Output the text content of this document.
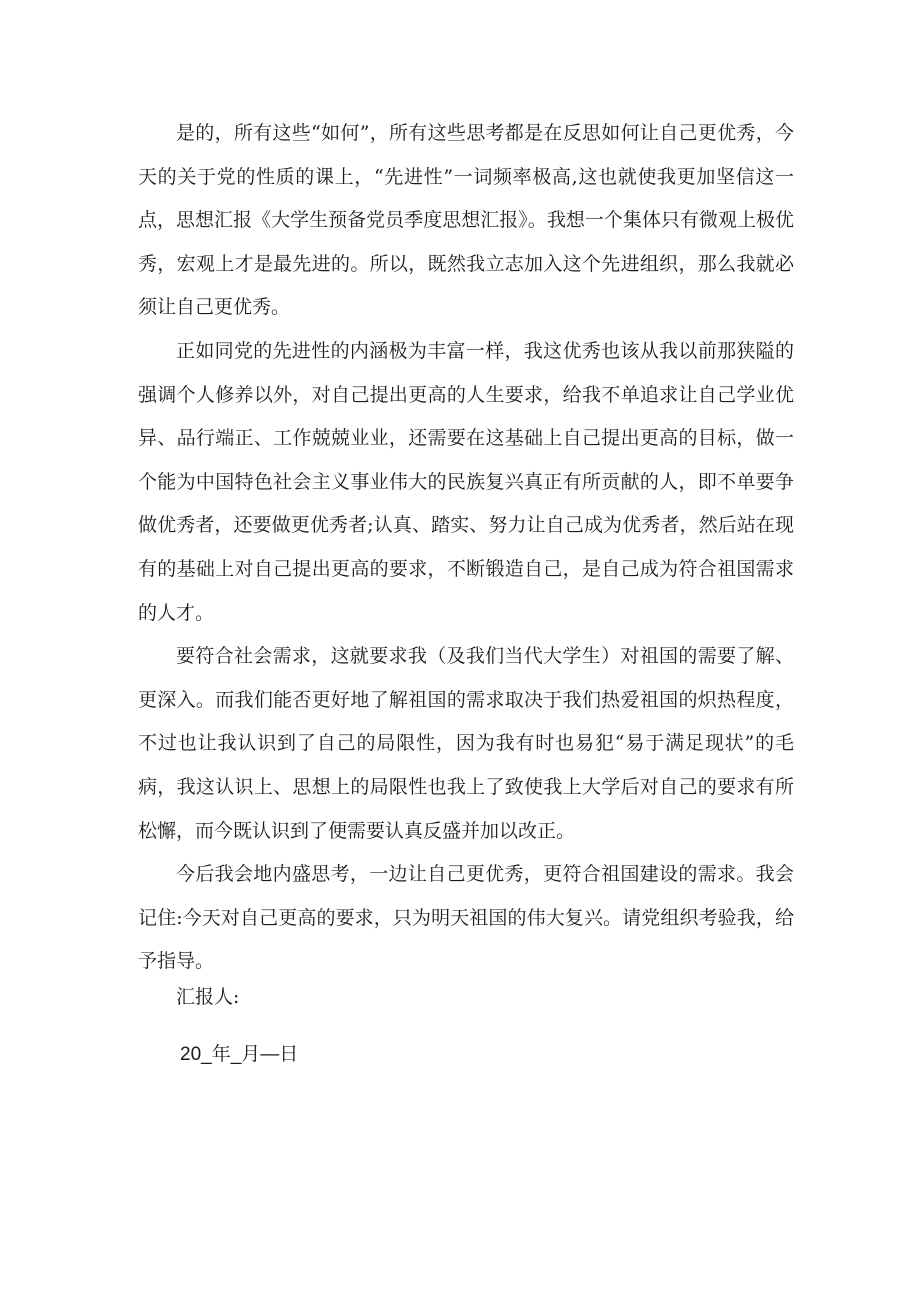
是的，所有这些“如何”，所有这些思考都是在反思如何让自己更优秀，今天的关于党的性质的课上，“先进性”一词频率极高,这也就使我更加坚信这一点，思想汇报《大学生预备党员季度思想汇报》。我想一个集体只有微观上极优秀，宏观上才是最先进的。所以，既然我立志加入这个先进组织，那么我就必须让自己更优秀。

正如同党的先进性的内涵极为丰富一样，我这优秀也该从我以前那狭隘的强调个人修养以外，对自己提出更高的人生要求，给我不单追求让自己学业优异、品行端正、工作兢兢业业，还需要在这基础上自己提出更高的目标，做一个能为中国特色社会主义事业伟大的民族复兴真正有所贡献的人，即不单要争做优秀者，还要做更优秀者;认真、踏实、努力让自己成为优秀者，然后站在现有的基础上对自己提出更高的要求，不断锻造自己，是自己成为符合祖国需求的人才。

要符合社会需求，这就要求我（及我们当代大学生）对祖国的需要了解、更深入。而我们能否更好地了解祖国的需求取决于我们热爱祖国的炽热程度，不过也让我认识到了自己的局限性，因为我有时也易犯“易于满足现状”的毛病，我这认识上、思想上的局限性也我上了致使我上大学后对自己的要求有所松懈，而今既认识到了便需要认真反盛并加以改正。

今后我会地内盛思考，一边让自己更优秀，更符合祖国建设的需求。我会记住:今天对自己更高的要求，只为明天祖国的伟大复兴。请党组织考验我，给予指导。

汇报人:

20_年_月—日
